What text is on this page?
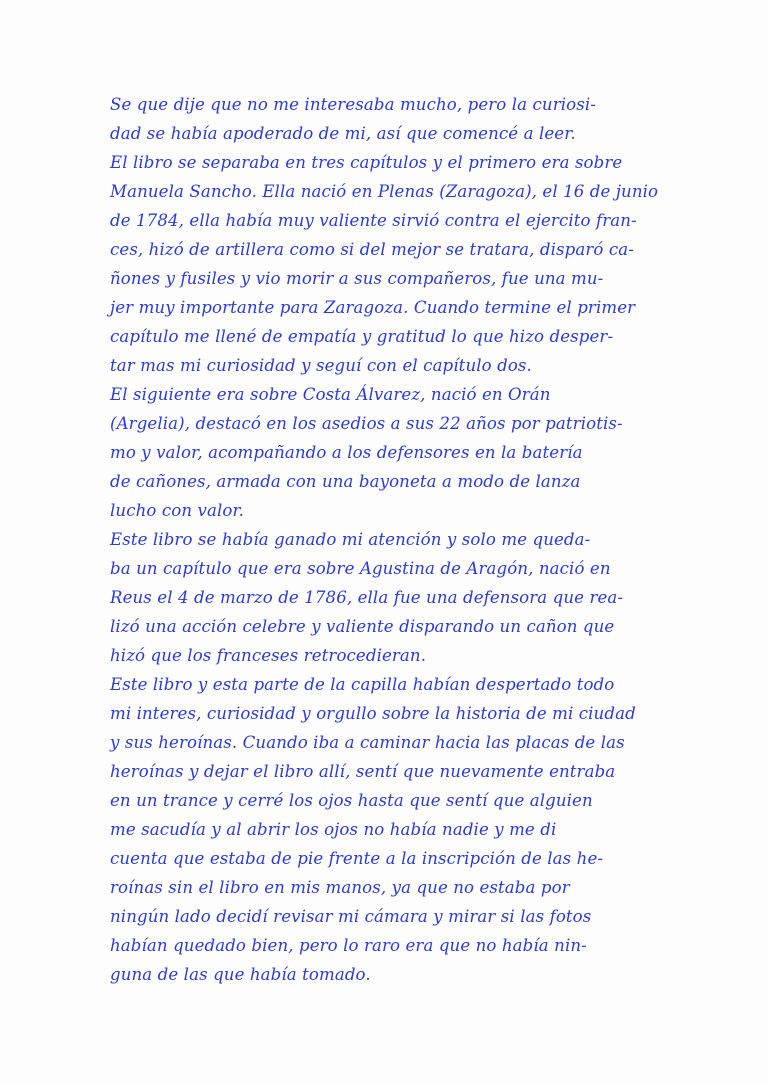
Se que dije que no me interesaba mucho, pero la curiosi-
dad se había apoderado de mi, así que comencé a leer.
El libro se separaba en tres capítulos y el primero era sobre
Manuela Sancho. Ella nació en Plenas (Zaragoza), el 16 de junio
de 1784, ella había muy valiente sirvió contra el ejercito fran-
ces, hizó de artillera como si del mejor se tratara, disparó ca-
ñones y fusiles y vio morir a sus compañeros, fue una mu-
jer muy importante para Zaragoza. Cuando termine el primer
capítulo me llené de empatía y gratitud lo que hizo desper-
tar mas mi curiosidad y seguí con el capítulo dos.
El siguiente era sobre Costa Álvarez, nació en Orán
(Argelia), destacó en los asedios a sus 22 años por patriotis-
mo y valor, acompañando a los defensores en la batería
de cañones, armada con una bayoneta a modo de lanza
lucho con valor.
Este libro se había ganado mi atención y solo me queda-
ba un capítulo que era sobre Agustina de Aragón, nació en
Reus el 4 de marzo de 1786, ella fue una defensora que rea-
lizó una acción celebre y valiente disparando un cañon que
hizó que los franceses retrocedieran.
Este libro y esta parte de la capilla habían despertado todo
mi interes, curiosidad y orgullo sobre la historia de mi ciudad
y sus heroínas. Cuando iba a caminar hacia las placas de las
heroínas y dejar el libro allí, sentí que nuevamente entraba
en un trance y cerré los ojos hasta que sentí que alguien
me sacudía y al abrir los ojos no había nadie y me di
cuenta que estaba de pie frente a la inscripción de las he-
roínas sin el libro en mis manos, ya que no estaba por
ningún lado decidí revisar mi cámara y mirar si las fotos
habían quedado bien, pero lo raro era que no había nin-
guna de las que había tomado.
